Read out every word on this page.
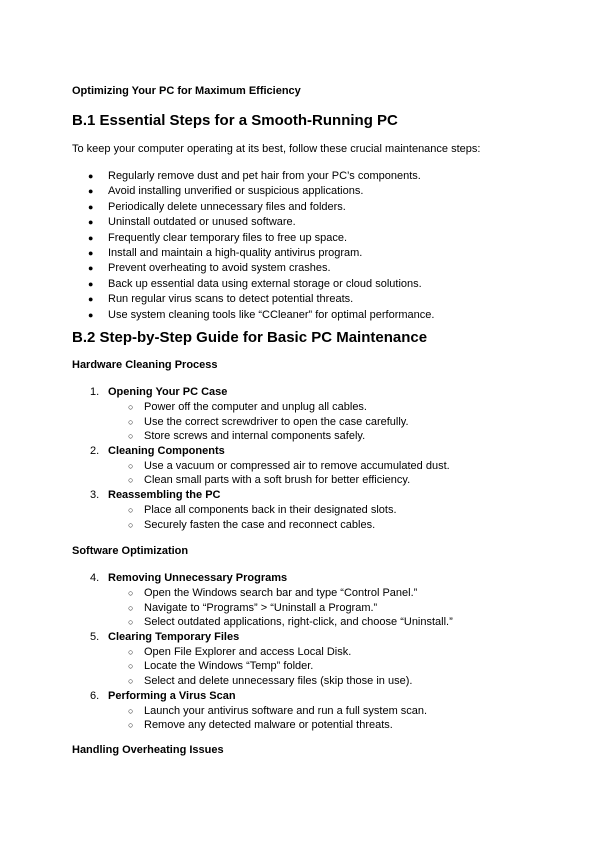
Optimizing Your PC for Maximum Efficiency
B.1 Essential Steps for a Smooth-Running PC
To keep your computer operating at its best, follow these crucial maintenance steps:
● Regularly remove dust and pet hair from your PC’s components.
● Avoid installing unverified or suspicious applications.
● Periodically delete unnecessary files and folders.
● Uninstall outdated or unused software.
● Frequently clear temporary files to free up space.
● Install and maintain a high-quality antivirus program.
● Prevent overheating to avoid system crashes.
● Back up essential data using external storage or cloud solutions.
● Run regular virus scans to detect potential threats.
● Use system cleaning tools like “CCleaner” for optimal performance.
B.2 Step-by-Step Guide for Basic PC Maintenance
Hardware Cleaning Process
1. Opening Your PC Case
○ Power off the computer and unplug all cables.
○ Use the correct screwdriver to open the case carefully.
○ Store screws and internal components safely.
2. Cleaning Components
○ Use a vacuum or compressed air to remove accumulated dust.
○ Clean small parts with a soft brush for better efficiency.
3. Reassembling the PC
○ Place all components back in their designated slots.
○ Securely fasten the case and reconnect cables.
Software Optimization
4. Removing Unnecessary Programs
○ Open the Windows search bar and type “Control Panel.”
○ Navigate to “Programs” > “Uninstall a Program.”
○ Select outdated applications, right-click, and choose “Uninstall.”
5. Clearing Temporary Files
○ Open File Explorer and access Local Disk.
○ Locate the Windows “Temp” folder.
○ Select and delete unnecessary files (skip those in use).
6. Performing a Virus Scan
○ Launch your antivirus software and run a full system scan.
○ Remove any detected malware or potential threats.
Handling Overheating Issues
